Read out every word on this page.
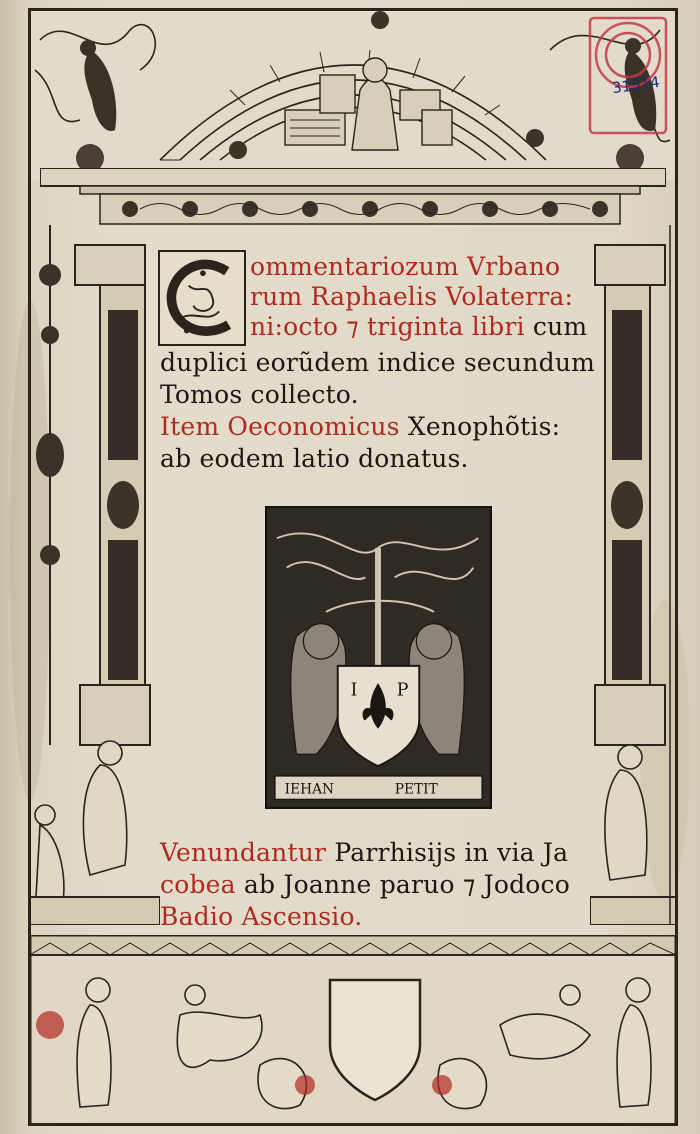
31514
ommentariozum Vrbano
rum Raphaelis Volaterra:
ni:octo ⁊ triginta libri cum
duplici eorũdem indice secundum
Tomos collecto.
Item Oeconomicus Xenophõtis:
ab eodem latio donatus.
I P
IEHAN	PETIT
Venundantur Parrhisijs in via Ja
cobea ab Joanne paruo ⁊ Jodoco
Badio Ascensio.
